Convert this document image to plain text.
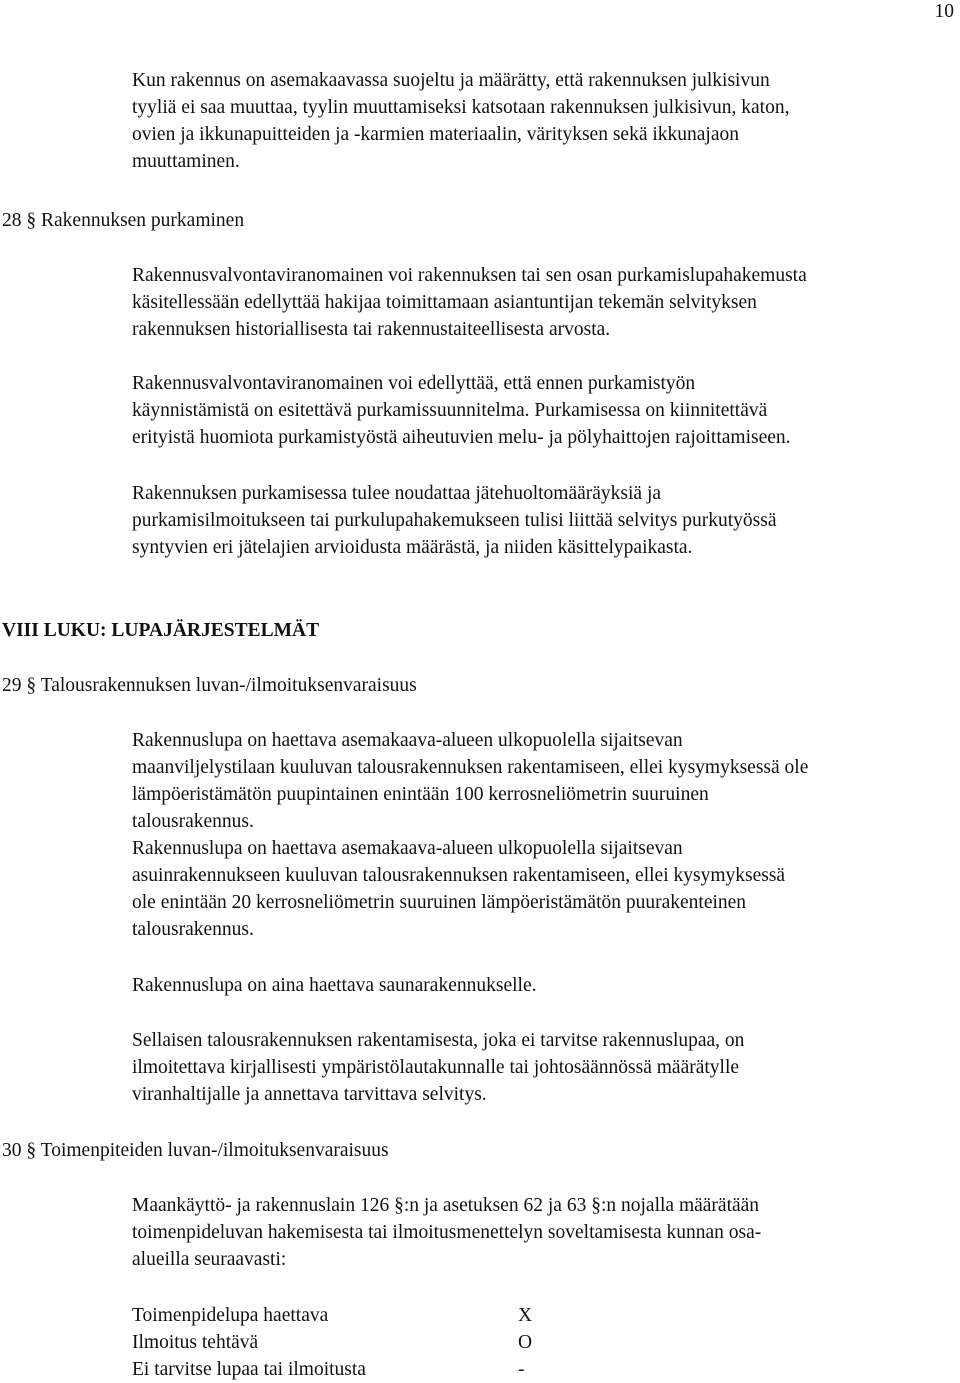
10
Kun rakennus on asemakaavassa suojeltu ja määrätty, että rakennuksen julkisivun
tyyliä ei saa muuttaa, tyylin muuttamiseksi katsotaan rakennuksen julkisivun, katon,
ovien ja ikkunapuitteiden ja -karmien materiaalin, värityksen sekä ikkunajaon
muuttaminen.
28 § Rakennuksen purkaminen
Rakennusvalvontaviranomainen voi rakennuksen tai sen osan purkamislupahakemusta
käsitellessään edellyttää hakijaa toimittamaan asiantuntijan tekemän selvityksen
rakennuksen historiallisesta tai rakennustaiteellisesta arvosta.
Rakennusvalvontaviranomainen voi edellyttää, että ennen purkamistyön
käynnistämistä on esitettävä purkamissuunnitelma. Purkamisessa on kiinnitettävä
erityistä huomiota purkamistyöstä aiheutuvien melu- ja pölyhaittojen rajoittamiseen.
Rakennuksen purkamisessa tulee noudattaa jätehuoltomääräyksiä ja
purkamisilmoitukseen tai purkulupahakemukseen tulisi liittää selvitys purkutyössä
syntyvien eri jätelajien arvioidusta määrästä, ja niiden käsittelypaikasta.
VIII LUKU: LUPAJÄRJESTELMÄT
29 § Talousrakennuksen luvan-/ilmoituksenvaraisuus
Rakennuslupa on haettava asemakaava-alueen ulkopuolella sijaitsevan
maanviljelystilaan kuuluvan talousrakennuksen rakentamiseen, ellei kysymyksessä ole
lämpöeristämätön puupintainen enintään 100 kerrosneliömetrin suuruinen
talousrakennus.
Rakennuslupa on haettava asemakaava-alueen ulkopuolella sijaitsevan
asuinrakennukseen kuuluvan talousrakennuksen rakentamiseen, ellei kysymyksessä
ole enintään 20 kerrosneliömetrin suuruinen lämpöeristämätön puurakenteinen
talousrakennus.
Rakennuslupa on aina haettava saunarakennukselle.
Sellaisen talousrakennuksen rakentamisesta, joka ei tarvitse rakennuslupaa, on
ilmoitettava kirjallisesti ympäristölautakunnalle tai johtosäännössä määrätylle
viranhaltijalle ja annettava tarvittava selvitys.
30 § Toimenpiteiden luvan-/ilmoituksenvaraisuus
Maankäyttö- ja rakennuslain 126 §:n ja asetuksen 62 ja 63 §:n nojalla määrätään
toimenpideluvan hakemisesta tai ilmoitusmenettelyn soveltamisesta kunnan osa-
alueilla seuraavasti:
Toimenpidelupa haettava	X
Ilmoitus tehtävä	O
Ei tarvitse lupaa tai ilmoitusta	-
